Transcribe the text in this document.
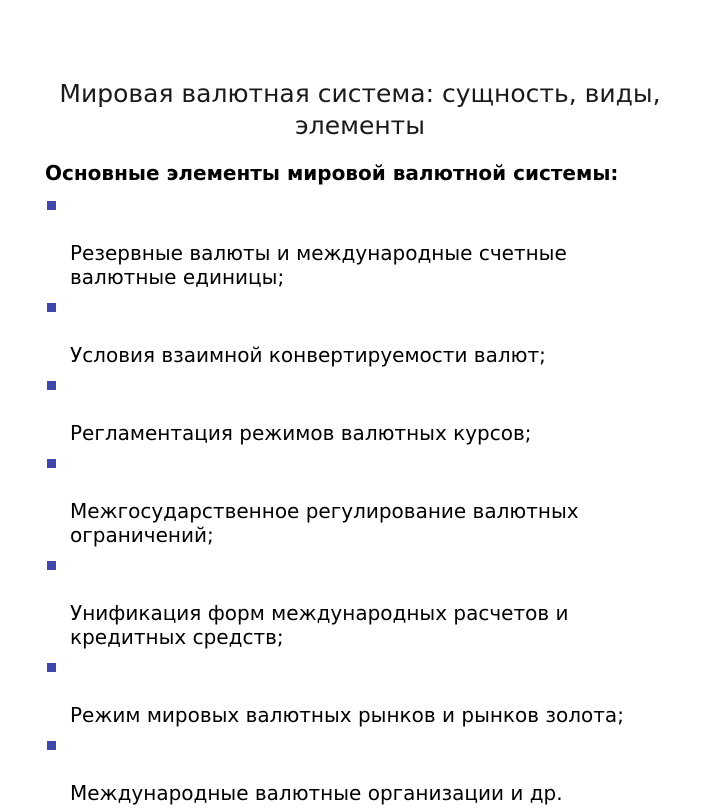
Мировая валютная система: сущность, виды,
элементы
Основные элементы мировой валютной системы:

Резервные валюты и международные счетные
валютные единицы;

Условия взаимной конвертируемости валют;

Регламентация режимов валютных курсов;

Межгосударственное регулирование валютных
ограничений;

Унификация форм международных расчетов и
кредитных средств;

Режим мировых валютных рынков и рынков золота;

Международные валютные организации и др.
